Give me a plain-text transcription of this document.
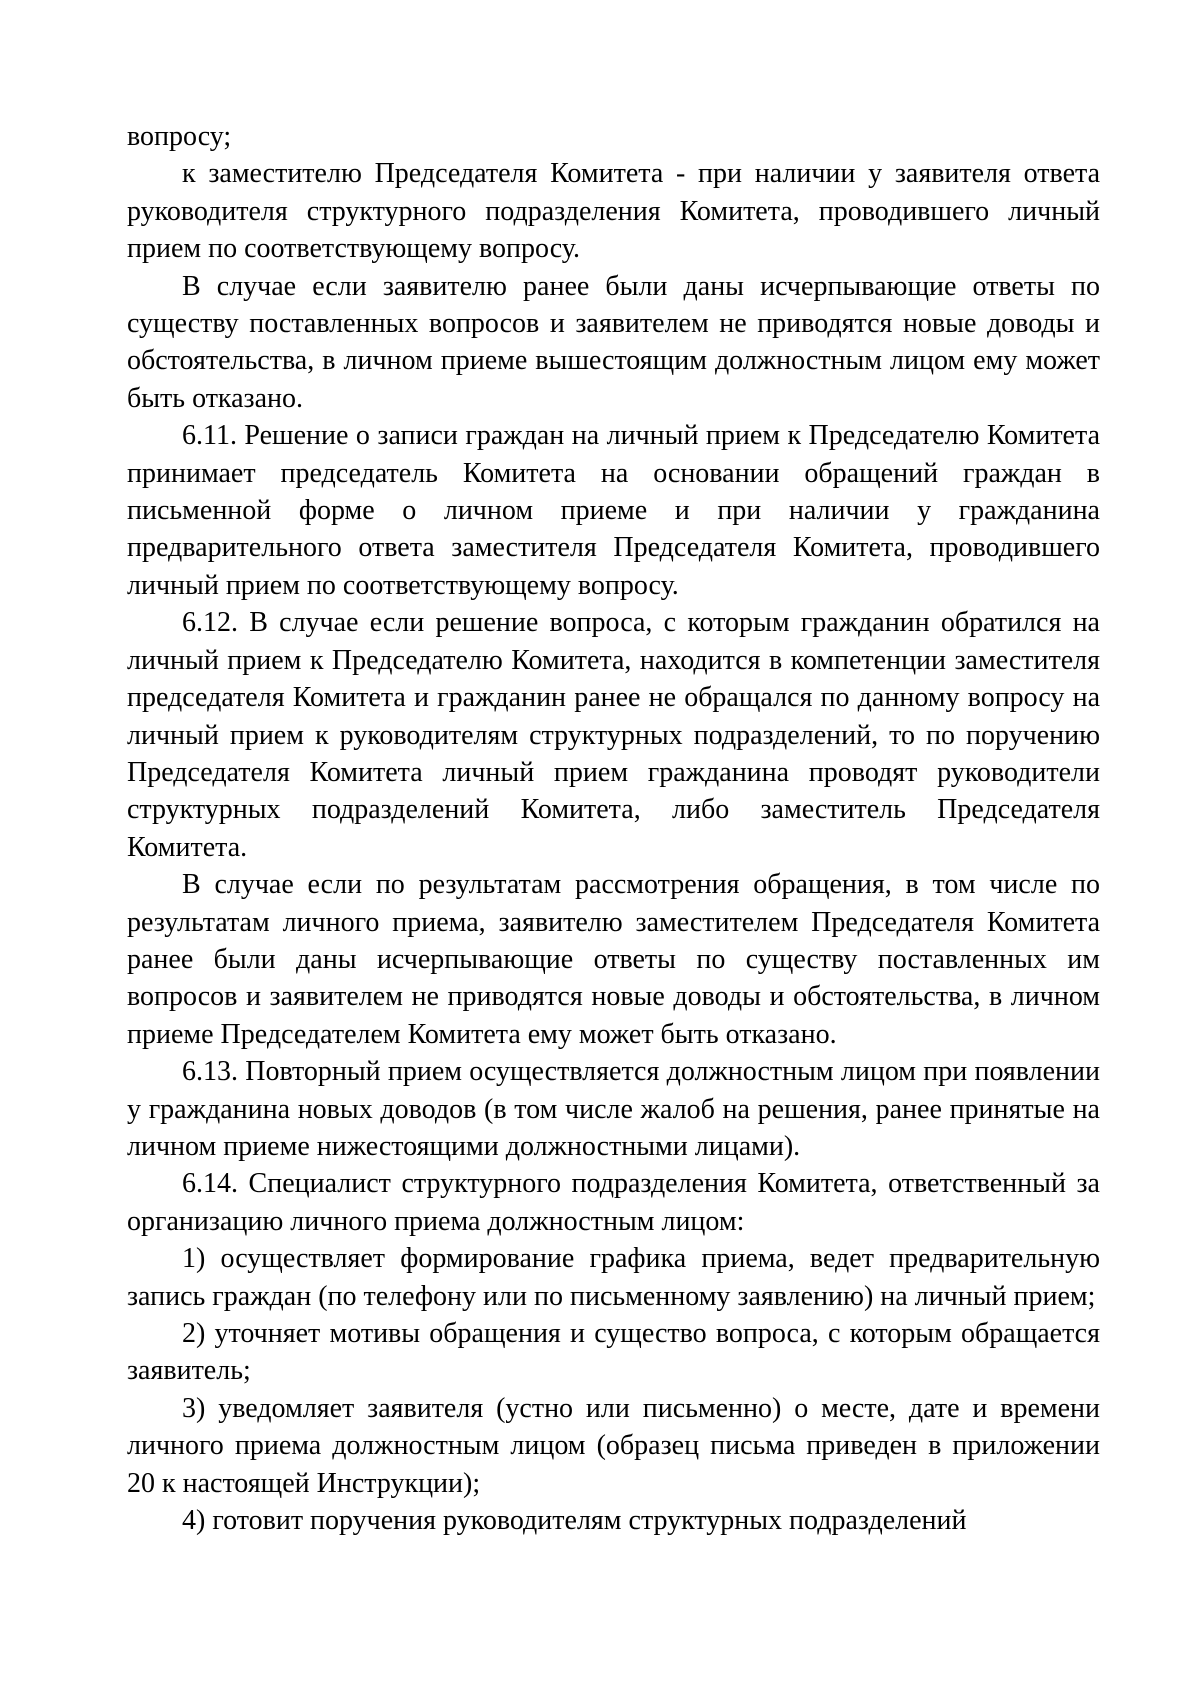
вопросу;

к заместителю Председателя Комитета - при наличии у заявителя ответа руководителя структурного подразделения Комитета, проводившего личный прием по соответствующему вопросу.

В случае если заявителю ранее были даны исчерпывающие ответы по существу поставленных вопросов и заявителем не приводятся новые доводы и обстоятельства, в личном приеме вышестоящим должностным лицом ему может быть отказано.

6.11. Решение о записи граждан на личный прием к Председателю Комитета принимает председатель Комитета на основании обращений граждан в письменной форме о личном приеме и при наличии у гражданина предварительного ответа заместителя Председателя Комитета, проводившего личный прием по соответствующему вопросу.

6.12. В случае если решение вопроса, с которым гражданин обратился на личный прием к Председателю Комитета, находится в компетенции заместителя председателя Комитета и гражданин ранее не обращался по данному вопросу на личный прием к руководителям структурных подразделений, то по поручению Председателя Комитета личный прием гражданина проводят руководители структурных подразделений Комитета, либо заместитель Председателя Комитета.

В случае если по результатам рассмотрения обращения, в том числе по результатам личного приема, заявителю заместителем Председателя Комитета ранее были даны исчерпывающие ответы по существу поставленных им вопросов и заявителем не приводятся новые доводы и обстоятельства, в личном приеме Председателем Комитета ему может быть отказано.

6.13. Повторный прием осуществляется должностным лицом при появлении у гражданина новых доводов (в том числе жалоб на решения, ранее принятые на личном приеме нижестоящими должностными лицами).

6.14. Специалист структурного подразделения Комитета, ответственный за организацию личного приема должностным лицом:

1) осуществляет формирование графика приема, ведет предварительную запись граждан (по телефону или по письменному заявлению) на личный прием;

2) уточняет мотивы обращения и существо вопроса, с которым обращается заявитель;

3) уведомляет заявителя (устно или письменно) о месте, дате и времени личного приема должностным лицом (образец письма приведен в приложении 20 к настоящей Инструкции);

4) готовит поручения руководителям структурных подразделений
